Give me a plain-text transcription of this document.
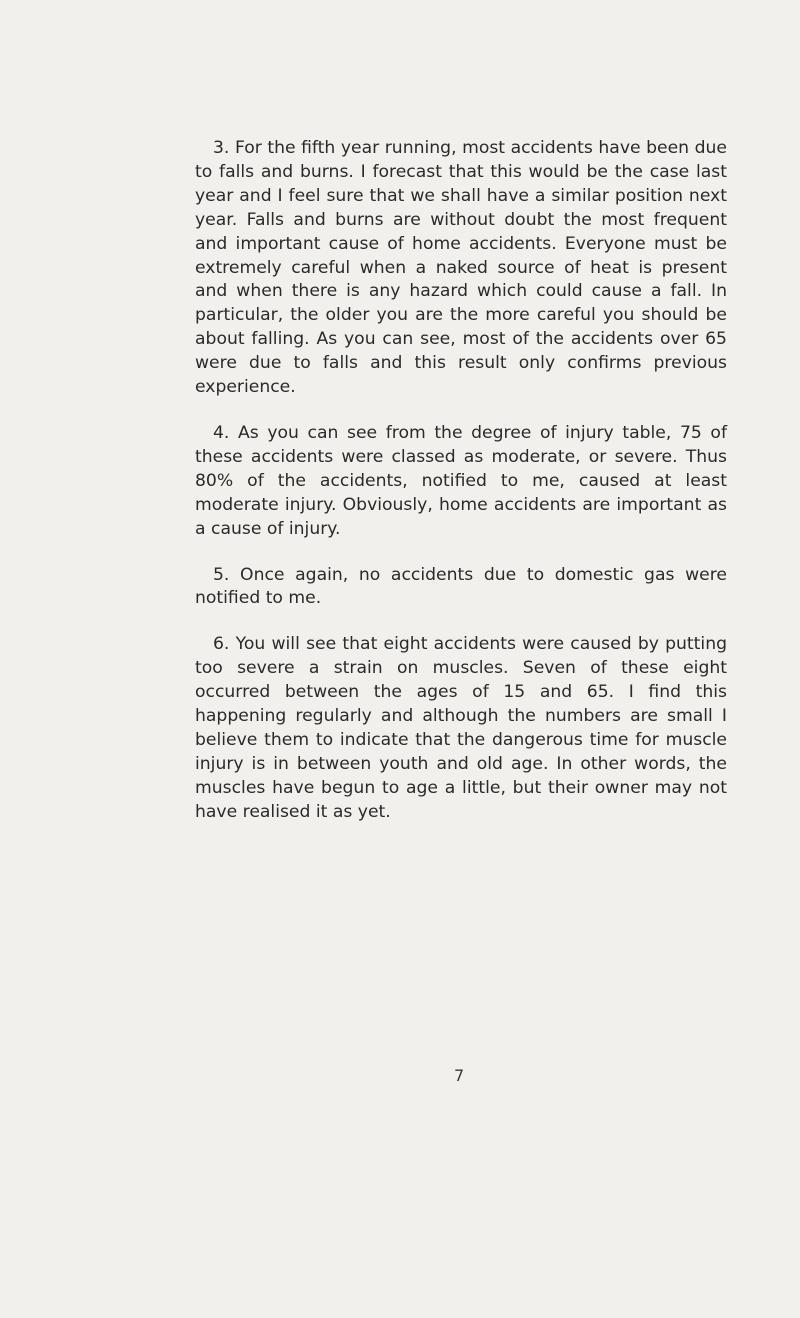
3. For the fifth year running, most accidents have been due to falls and burns. I forecast that this would be the case last year and I feel sure that we shall have a similar position next year. Falls and burns are without doubt the most frequent and important cause of home accidents. Everyone must be extremely careful when a naked source of heat is present and when there is any hazard which could cause a fall. In particular, the older you are the more careful you should be about falling. As you can see, most of the accidents over 65 were due to falls and this result only confirms previous experience.

4. As you can see from the degree of injury table, 75 of these accidents were classed as moderate, or severe. Thus 80% of the accidents, notified to me, caused at least moderate injury. Obviously, home accidents are important as a cause of injury.

5. Once again, no accidents due to domestic gas were notified to me.

6. You will see that eight accidents were caused by putting too severe a strain on muscles. Seven of these eight occurred between the ages of 15 and 65. I find this happening regularly and although the numbers are small I believe them to indicate that the dangerous time for muscle injury is in between youth and old age. In other words, the muscles have begun to age a little, but their owner may not have realised it as yet.

7
